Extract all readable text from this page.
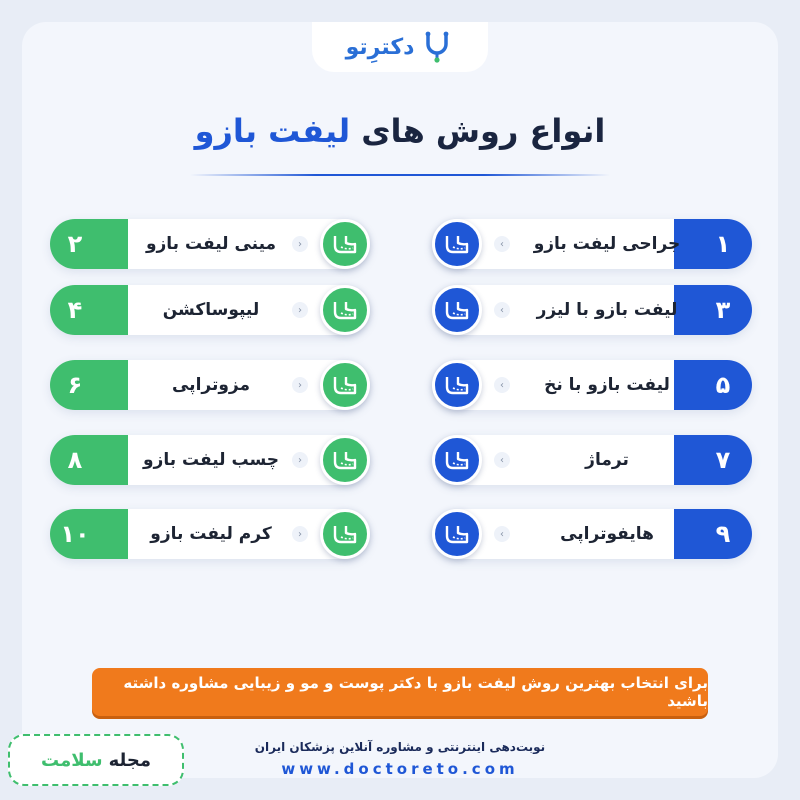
دکترِتو
انواع روش های لیفت بازو
۱
‹	جراحی لیفت بازو
۳
‹	لیفت بازو با لیزر
۵
‹	لیفت بازو با نخ
۷
‹	ترماژ
۹
‹	هایفوتراپی
۲	›
مینی لیفت بازو
۴	›
لیپوساکشن
۶	›
مزوتراپی
۸	›
چسب لیفت بازو
۱۰	›
کرم لیفت بازو
برای انتخاب بهترین روش لیفت بازو با دکتر پوست و مو و زیبایی مشاوره داشته باشید
مجله
سلامت
نوبت‌دهی اینترنتی و مشاوره آنلاین پزشکان ایران
www.doctoreto.com
